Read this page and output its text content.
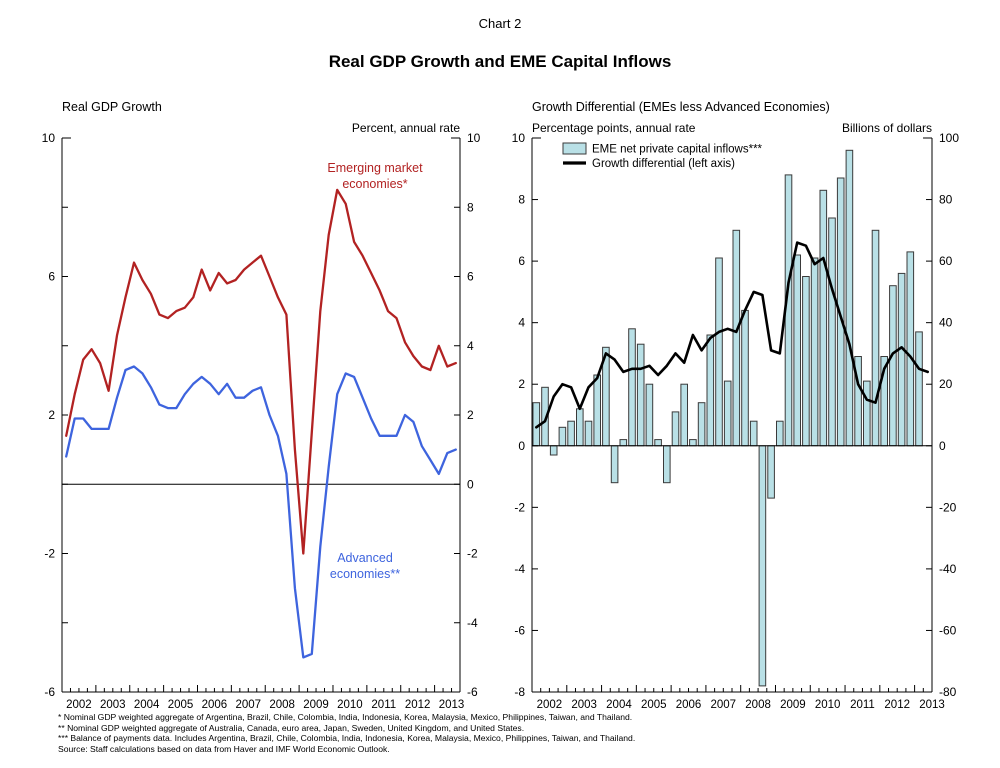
Chart 2
Real GDP Growth and EME Capital Inflows
Real GDP Growth
Percent, annual rate
Growth Differential (EMEs less Advanced Economies)
Percentage points, annual rate	Billions of dollars
Emerging market
economies*
Advanced
economies**
10
6
2
-2
-6
10
8
6
4
2
0
-2
-4
-6
2002 2003 2004 2005 2006 2007 2008 2009 2010 2011 2012 2013
10
8
6
4
2
0
-2
-4
-6
-8
100
80
60
40
20
0
-20
-40
-60
-80
2002 2003 2004 2005 2006 2007 2008 2009 2010 2011 2012 2013
EME net private capital inflows***
Growth differential (left axis)
* Nominal GDP weighted aggregate of Argentina, Brazil, Chile, Colombia, India, Indonesia, Korea, Malaysia, Mexico, Philippines, Taiwan, and Thailand.
** Nominal GDP weighted aggregate of Australia, Canada, euro area, Japan, Sweden, United Kingdom, and United States.
*** Balance of payments data. Includes Argentina, Brazil, Chile, Colombia, India, Indonesia, Korea, Malaysia, Mexico, Philippines, Taiwan, and Thailand.
Source: Staff calculations based on data from Haver and IMF World Economic Outlook.
